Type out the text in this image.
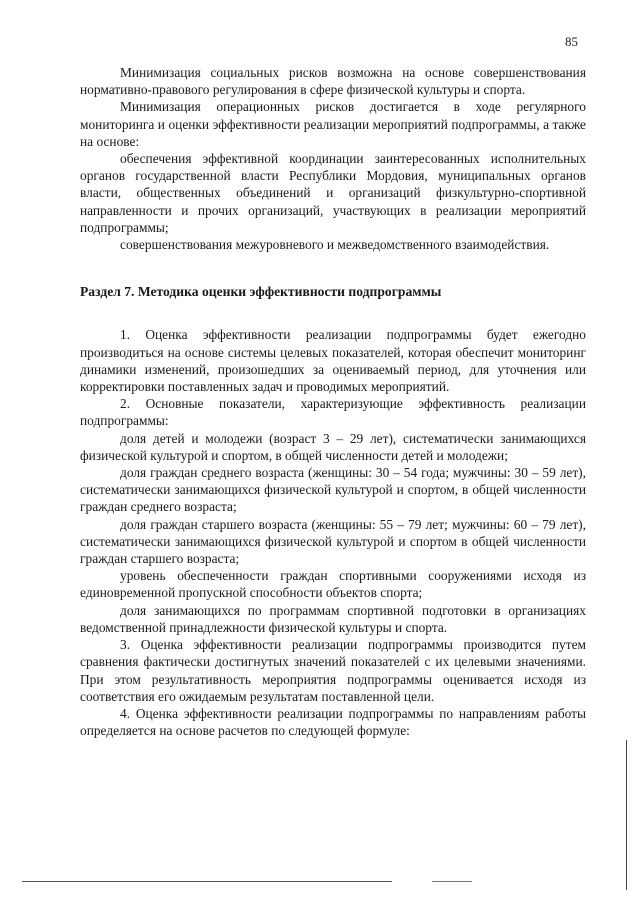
85

Минимизация социальных рисков возможна на основе совершенствования нормативно-правового регулирования в сфере физической культуры и спорта.

Минимизация операционных рисков достигается в ходе регулярного мониторинга и оценки эффективности реализации мероприятий подпрограммы, а также на основе:

обеспечения эффективной координации заинтересованных исполнительных органов государственной власти Республики Мордовия, муниципальных органов власти, общественных объединений и организаций физкультурно-спортивной направленности и прочих организаций, участвующих в реализации мероприятий подпрограммы;

совершенствования межуровневого и межведомственного взаимодействия.

Раздел 7. Методика оценки эффективности подпрограммы

1. Оценка эффективности реализации подпрограммы будет ежегодно производиться на основе системы целевых показателей, которая обеспечит мониторинг динамики изменений, произошедших за оцениваемый период, для уточнения или корректировки поставленных задач и проводимых мероприятий.

2. Основные показатели, характеризующие эффективность реализации подпрограммы:

доля детей и молодежи (возраст 3 – 29 лет), систематически занимающихся физической культурой и спортом, в общей численности детей и молодежи;

доля граждан среднего возраста (женщины: 30 – 54 года; мужчины: 30 – 59 лет), систематически занимающихся физической культурой и спортом, в общей численности граждан среднего возраста;

доля граждан старшего возраста (женщины: 55 – 79 лет; мужчины: 60 – 79 лет), систематически занимающихся физической культурой и спортом в общей численности граждан старшего возраста;

уровень обеспеченности граждан спортивными сооружениями исходя из единовременной пропускной способности объектов спорта;

доля занимающихся по программам спортивной подготовки в организациях ведомственной принадлежности физической культуры и спорта.

3. Оценка эффективности реализации подпрограммы производится путем сравнения фактически достигнутых значений показателей с их целевыми значениями. При этом результативность мероприятия подпрограммы оценивается исходя из соответствия его ожидаемым результатам поставленной цели.

4. Оценка эффективности реализации подпрограммы по направлениям работы определяется на основе расчетов по следующей формуле:
